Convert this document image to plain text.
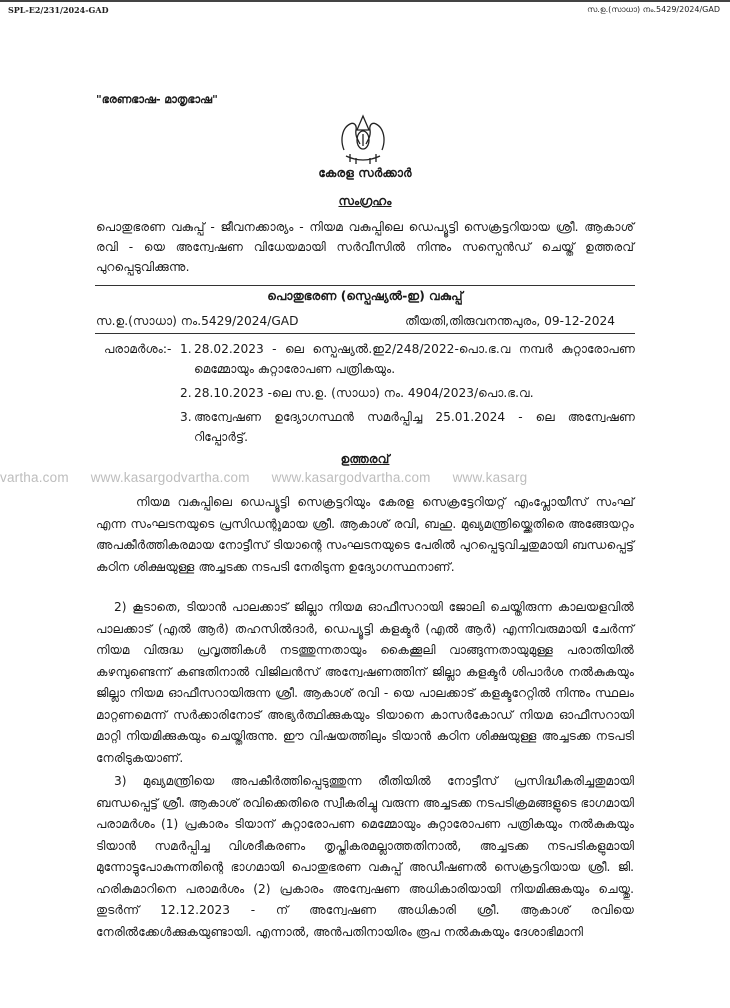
SPL-E2/231/2024-GAD	സ.ഉ.(സാധാ) നം.5429/2024/GAD
"ഭരണഭാഷ- മാതൃഭാഷ"
കേരള സർക്കാർ
സംഗ്രഹം
പൊതുഭരണ വകുപ്പ് - ജീവനക്കാര്യം - നിയമ വകുപ്പിലെ ഡെപ്യൂട്ടി സെക്രട്ടറിയായ ശ്രീ. ആകാശ് രവി - യെ അന്വേഷണ വിധേയമായി സർവീസിൽ നിന്നും സസ്പെൻഡ് ചെയ്ത് ഉത്തരവ് പുറപ്പെടുവിക്കുന്നു.
പൊതുഭരണ (സ്പെഷ്യൽ-ഇ) വകുപ്പ്
സ.ഉ.(സാധാ) നം.5429/2024/GAD	തീയതി,തിരുവനന്തപുരം, 09-12-2024
പരാമർശം:- 1. 28.02.2023 - ലെ സ്പെഷ്യൽ.ഇ2/248/2022-പൊ.ഭ.വ നമ്പർ കുറ്റാരോപണ മെമ്മോയും കുറ്റാരോപണ പത്രികയും.
2. 28.10.2023 -ലെ സ.ഉ. (സാധാ) നം. 4904/2023/പൊ.ഭ.വ.
3. അന്വേഷണ ഉദ്യോഗസ്ഥൻ സമർപ്പിച്ച 25.01.2024 - ലെ അന്വേഷണ റിപ്പോർട്ട്.
ഉത്തരവ്
vartha.com www.kasargodvartha.com www.kasargodvartha.com www.kasarg
നിയമ വകുപ്പിലെ ഡെപ്യൂട്ടി സെക്രട്ടറിയും കേരള സെക്രട്ടേറിയറ്റ് എംപ്ലോയീസ് സംഘ് എന്ന സംഘടനയുടെ പ്രസിഡന്റുമായ ശ്രീ. ആകാശ് രവി, ബഹു. മുഖ്യമന്ത്രിയ്ക്കെതിരെ അങ്ങേയറ്റം അപകീർത്തികരമായ നോട്ടീസ് ടിയാന്റെ സംഘടനയുടെ പേരിൽ പുറപ്പെടുവിച്ചതുമായി ബന്ധപ്പെട്ട് കഠിന ശിക്ഷയുള്ള അച്ചടക്ക നടപടി നേരിടുന്ന ഉദ്യോഗസ്ഥനാണ്.
2) കൂടാതെ, ടിയാൻ പാലക്കാട് ജില്ലാ നിയമ ഓഫീസറായി ജോലി ചെയ്തിരുന്ന കാലയളവിൽ പാലക്കാട് (എൽ ആർ) തഹസിൽദാർ, ഡെപ്യൂട്ടി കളക്ടർ (എൽ ആർ) എന്നിവരുമായി ചേർന്ന് നിയമ വിരുദ്ധ പ്രവൃത്തികൾ നടത്തുന്നതായും കൈക്കൂലി വാങ്ങുന്നതായുമുള്ള പരാതിയിൽ കഴമ്പുണ്ടെന്ന് കണ്ടതിനാൽ വിജിലൻസ് അന്വേഷണത്തിന് ജില്ലാ കളക്ടർ ശിപാർശ നൽകുകയും ജില്ലാ നിയമ ഓഫീസറായിരുന്ന ശ്രീ. ആകാശ് രവി - യെ പാലക്കാട് കളക്ടറേറ്റിൽ നിന്നും സ്ഥലം മാറ്റണമെന്ന് സർക്കാരിനോട് അഭ്യർത്ഥിക്കുകയും ടിയാനെ കാസർകോഡ് നിയമ ഓഫീസറായി മാറ്റി നിയമിക്കുകയും ചെയ്തിരുന്നു. ഈ വിഷയത്തിലും ടിയാൻ കഠിന ശിക്ഷയുള്ള അച്ചടക്ക നടപടി നേരിടുകയാണ്.
3) മുഖ്യമന്ത്രിയെ അപകീർത്തിപ്പെടുത്തുന്ന രീതിയിൽ നോട്ടീസ് പ്രസിദ്ധീകരിച്ചതുമായി ബന്ധപ്പെട്ട് ശ്രീ. ആകാശ് രവിക്കെതിരെ സ്വീകരിച്ചു വരുന്ന അച്ചടക്ക നടപടിക്രമങ്ങളുടെ ഭാഗമായി പരാമർശം (1) പ്രകാരം ടിയാന് കുറ്റാരോപണ മെമ്മോയും കുറ്റാരോപണ പത്രികയും നൽകുകയും ടിയാൻ സമർപ്പിച്ച വിശദീകരണം തൃപ്തികരമല്ലാത്തതിനാൽ, അച്ചടക്ക നടപടികളുമായി മുന്നോട്ടുപോകുന്നതിന്റെ ഭാഗമായി പൊതുഭരണ വകുപ്പ് അഡീഷണൽ സെക്രട്ടറിയായ ശ്രീ. ജി. ഹരികുമാറിനെ പരാമർശം (2) പ്രകാരം അന്വേഷണ അധികാരിയായി നിയമിക്കുകയും ചെയ്തു. തുടർന്ന് 12.12.2023 - ന് അന്വേഷണ അധികാരി ശ്രീ. ആകാശ് രവിയെ നേരിൽക്കേൾക്കുകയുണ്ടായി. എന്നാൽ, അൻപതിനായിരം രൂപ നൽകുകയും ദേശാഭിമാനി
